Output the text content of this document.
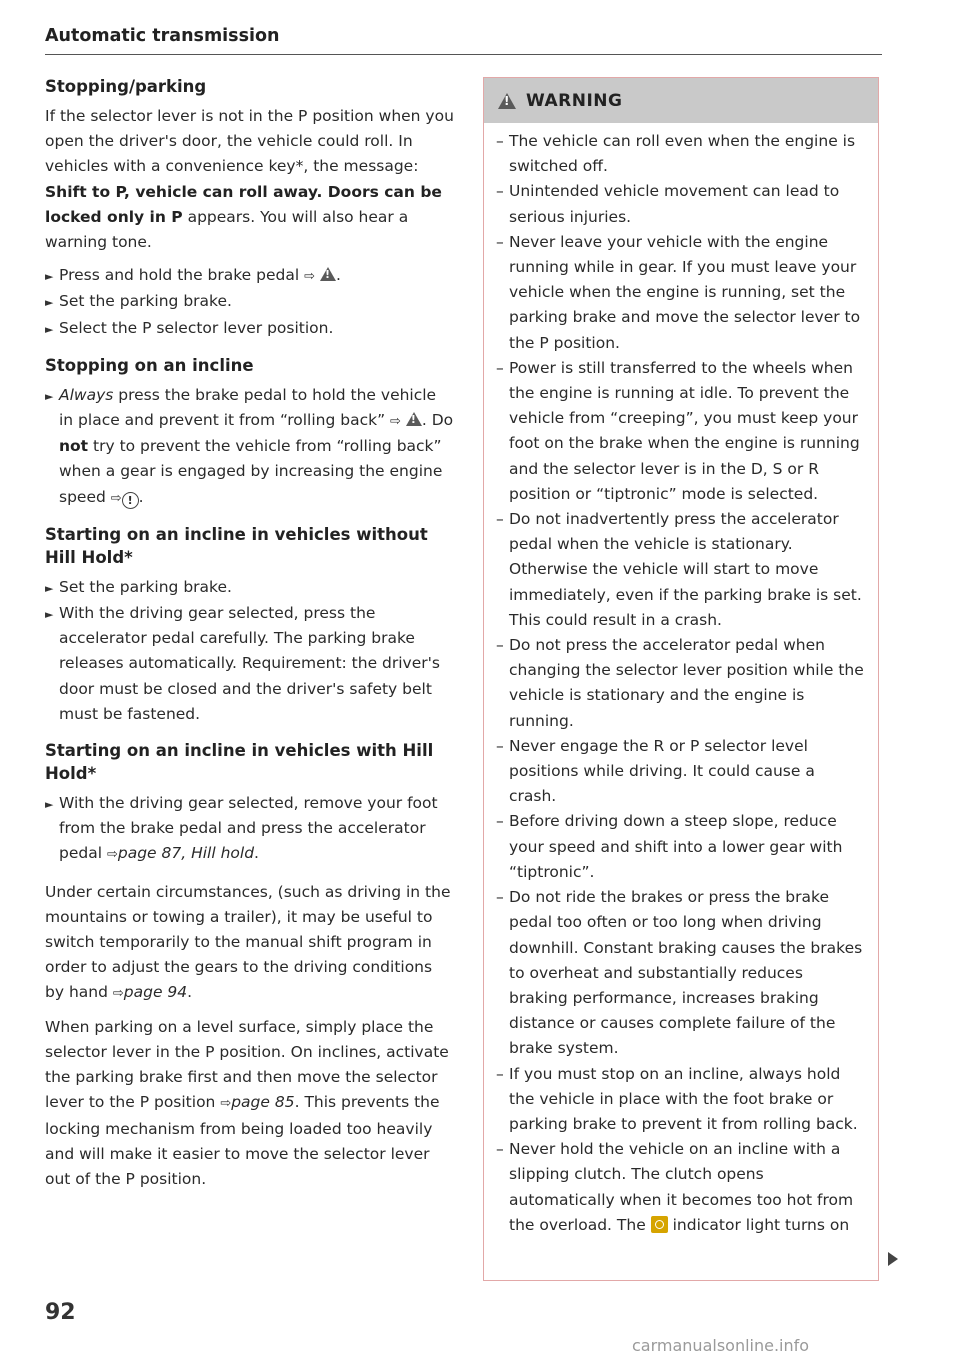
Automatic transmission
Stopping/parking

If the selector lever is not in the P position when you open the driver's door, the vehicle could roll. In vehicles with a convenience key*, the message: Shift to P, vehicle can roll away. Doors can be locked only in P appears. You will also hear a warning tone.

► Press and hold the brake pedal ⇨ ! .
► Set the parking brake.
► Select the P selector lever position.
Stopping on an incline
► Always press the brake pedal to hold the vehicle in place and prevent it from “rolling back” ⇨ ! . Do not try to prevent the vehicle from “rolling back” when a gear is engaged by increasing the engine speed ⇨ ! .
Starting on an incline in vehicles without Hill Hold*
► Set the parking brake.
► With the driving gear selected, press the accelerator pedal carefully. The parking brake releases automatically. Requirement: the driver's door must be closed and the driver's safety belt must be fastened.
Starting on an incline in vehicles with Hill Hold*
► With the driving gear selected, remove your foot from the brake pedal and press the accelerator pedal ⇨page 87, Hill hold.

Under certain circumstances, (such as driving in the mountains or towing a trailer), it may be useful to switch temporarily to the manual shift program in order to adjust the gears to the driving conditions by hand ⇨page 94.

When parking on a level surface, simply place the selector lever in the P position. On inclines, activate the parking brake first and then move the selector lever to the P position ⇨page 85. This prevents the locking mechanism from being loaded too heavily and will make it easier to move the selector lever out of the P position.

!
WARNING
– The vehicle can roll even when the engine is switched off.
– Unintended vehicle movement can lead to serious injuries.
– Never leave your vehicle with the engine running while in gear. If you must leave your vehicle when the engine is running, set the parking brake and move the selector lever to the P position.
– Power is still transferred to the wheels when the engine is running at idle. To prevent the vehicle from “creeping”, you must keep your foot on the brake when the engine is running and the selector lever is in the D, S or R position or “tiptronic” mode is selected.
– Do not inadvertently press the accelerator pedal when the vehicle is stationary. Otherwise the vehicle will start to move immediately, even if the parking brake is set. This could result in a crash.
– Do not press the accelerator pedal when changing the selector lever position while the vehicle is stationary and the engine is running.
– Never engage the R or P selector level positions while driving. It could cause a crash.
– Before driving down a steep slope, reduce your speed and shift into a lower gear with “tiptronic”.
– Do not ride the brakes or press the brake pedal too often or too long when driving downhill. Constant braking causes the brakes to overheat and substantially reduces braking performance, increases braking distance or causes complete failure of the brake system.
– If you must stop on an incline, always hold the vehicle in place with the foot brake or parking brake to prevent it from rolling back.
– Never hold the vehicle on an incline with a slipping clutch. The clutch opens automatically when it becomes too hot from the overload. The  indicator light turns on
92
carmanualsonline.info
